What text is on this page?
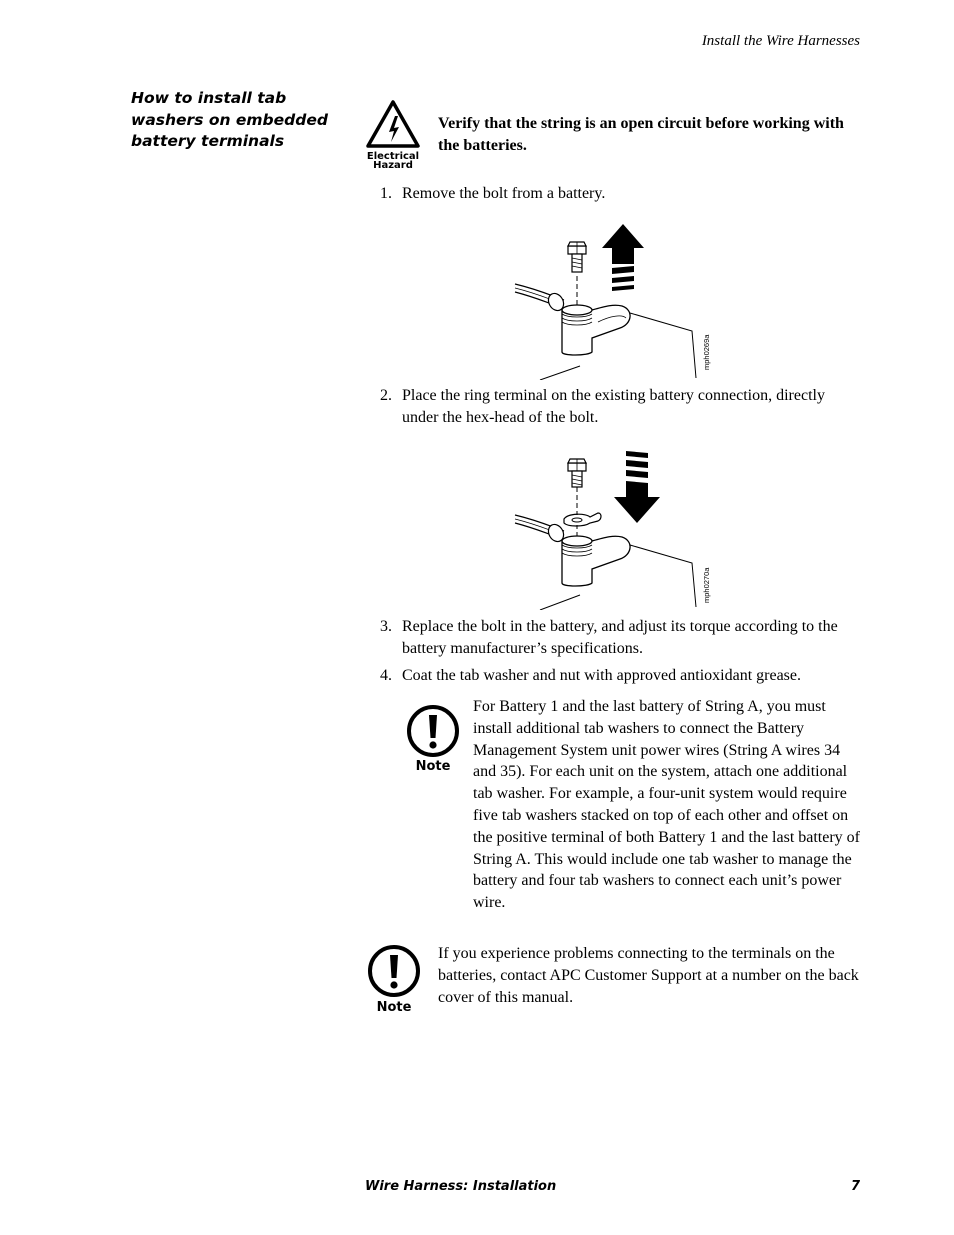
Install the Wire Harnesses
How to install tab washers on embedded battery terminals
Electrical
Hazard
Verify that the string is an open circuit before working with the batteries.
1. Remove the bolt from a battery.
mph0269a
2. Place the ring terminal on the existing battery connection, directly under the hex-head of the bolt.
mph0270a
3. Replace the bolt in the battery, and adjust its torque according to the battery manufacturer’s specifications.
4. Coat the tab washer and nut with approved antioxidant grease.
Note
For Battery 1 and the last battery of String A, you must install additional tab washers to connect the Battery Management System unit power wires (String A wires 34 and 35). For each unit on the system, attach one additional tab washer. For example, a four-unit system would require five tab washers stacked on top of each other and offset on the positive terminal of both Battery 1 and the last battery of String A. This would include one tab washer to manage the battery and four tab washers to connect each unit’s power wire.
Note
If you experience problems connecting to the terminals on the batteries, contact APC Customer Support at a number on the back cover of this manual.
Wire Harness: Installation	7
